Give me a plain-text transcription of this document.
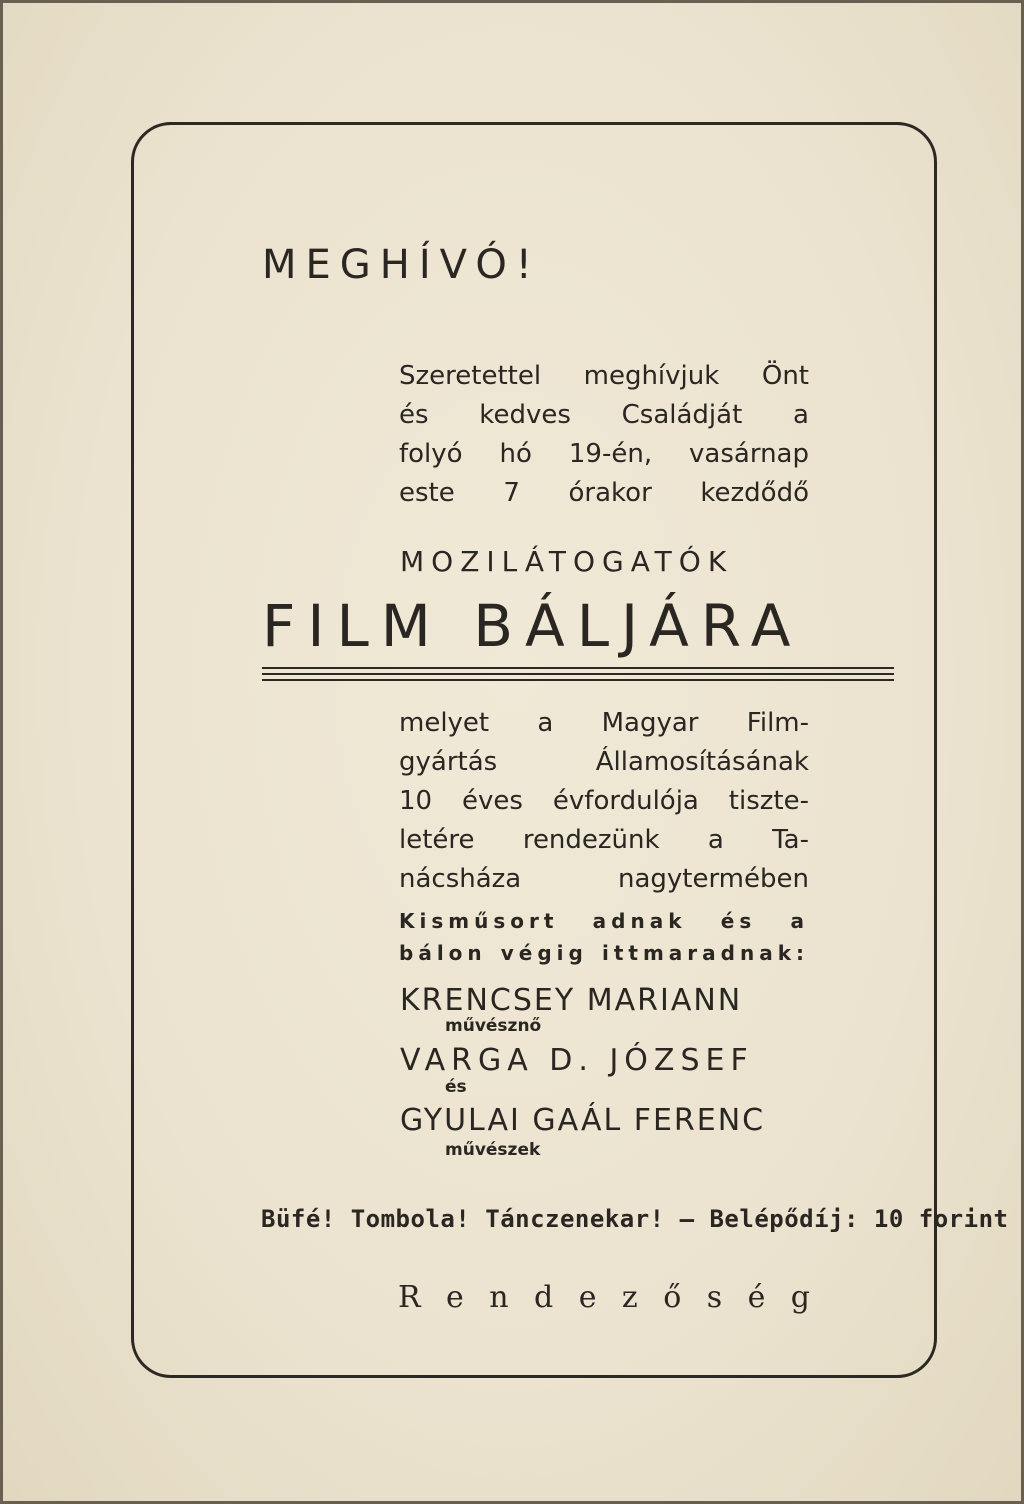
MEGHÍVÓ!
Szeretettel meghívjuk Önt
és kedves Családját a
folyó hó 19-én, vasárnap
este 7 órakor kezdődő
MOZILÁTOGATÓK
FILM BÁLJÁRA
melyet a Magyar Film-
gyártás Államosításának
10 éves évfordulója tiszte-
letére rendezünk a Ta-
nácsháza nagytermében
Kisműsort adnak és a
bálon végig ittmaradnak:
KRENCSEY MARIANN
művésznő
VARGA D. JÓZSEF
és
GYULAI GAÁL FERENC
művészek
Büfé! Tombola! Tánczenekar! — Belépődíj: 10 forint
R e n d e z ő s é g
